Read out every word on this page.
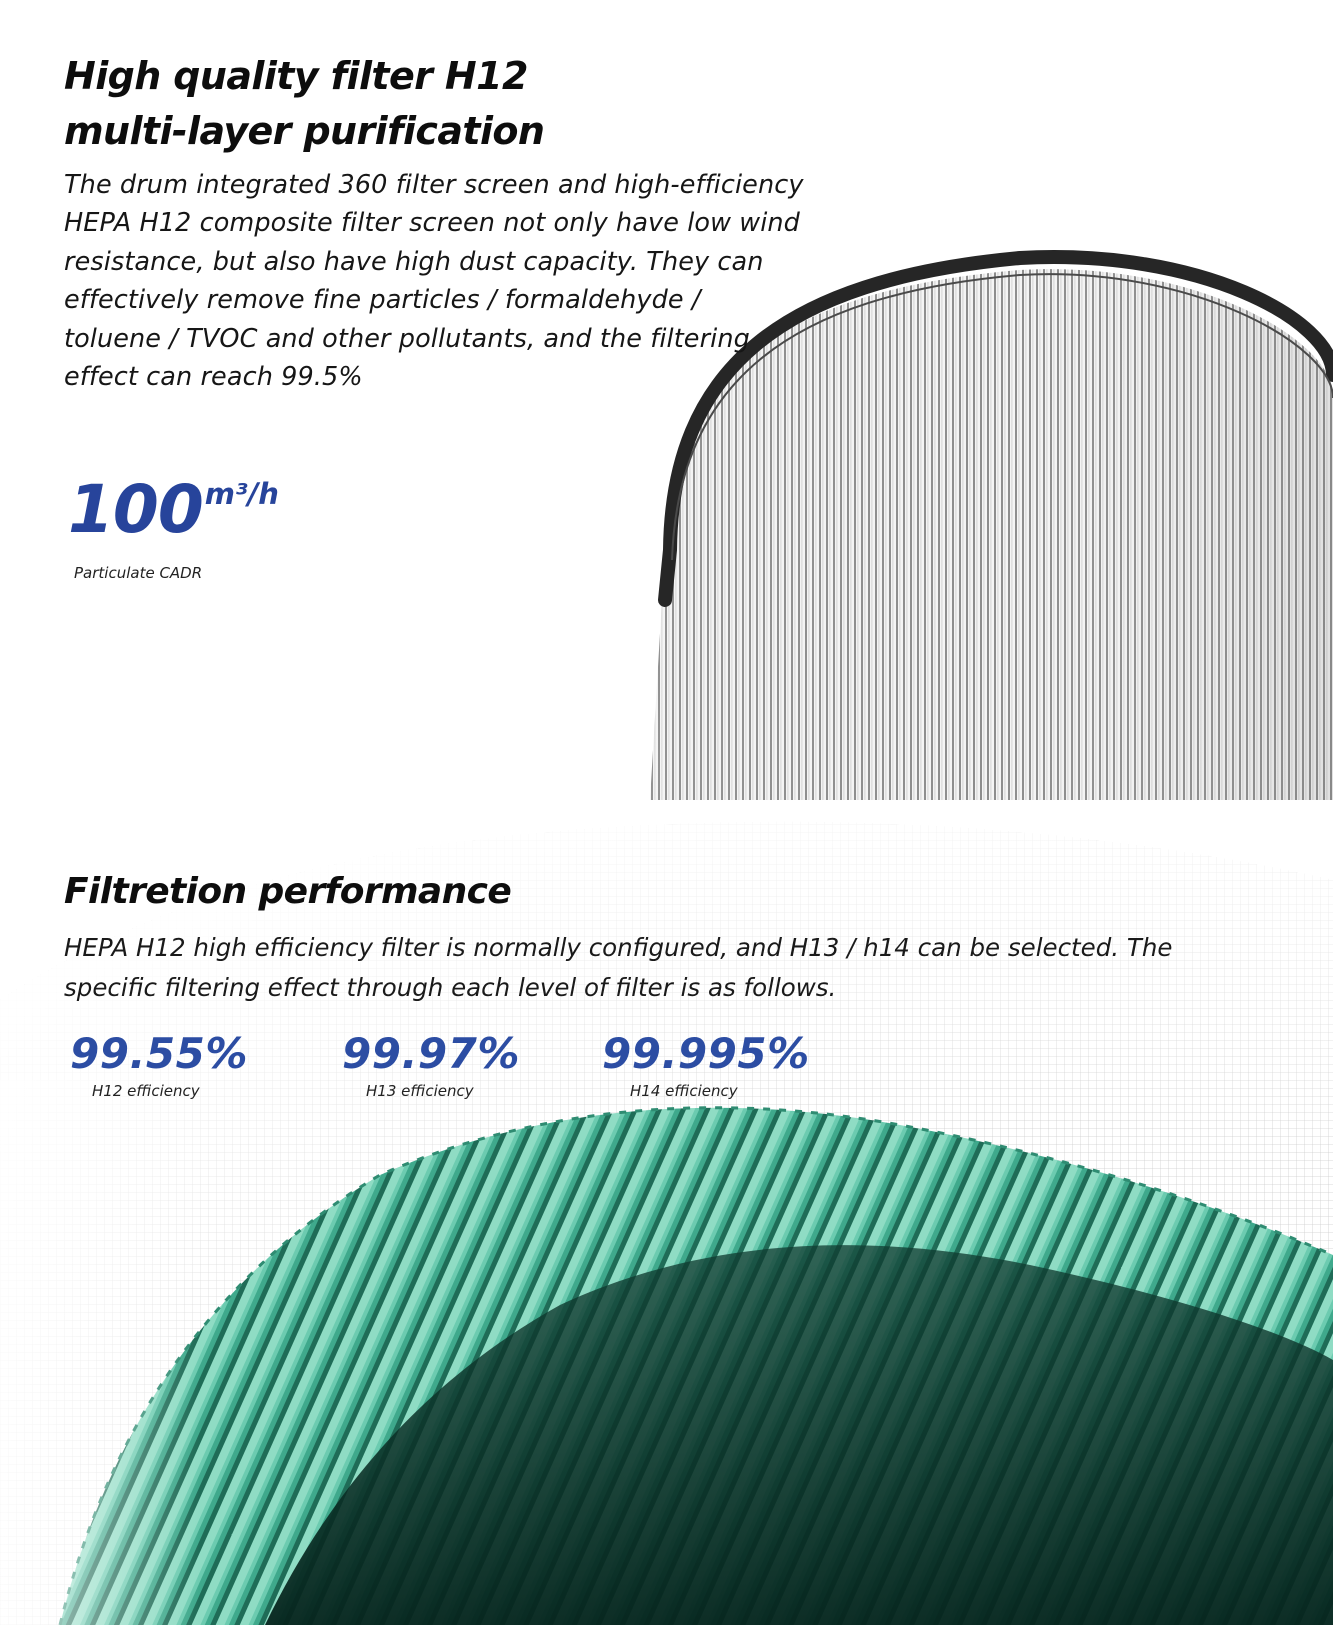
High quality filter H12
multi-layer purification

The drum integrated 360 filter screen and high-efficiency HEPA H12 composite filter screen not only have low wind resistance, but also have high dust capacity. They can effectively remove fine particles / formaldehyde / toluene / TVOC and other pollutants, and the filtering effect can reach 99.5%

100m³/h

Particulate CADR

Filtretion performance

HEPA H12 high efficiency filter is normally configured, and H13 / h14 can be selected. The specific filtering effect through each level of filter is as follows.

99.55%
H12 efficiency
99.97%
H13 efficiency
99.995%
H14 efficiency
